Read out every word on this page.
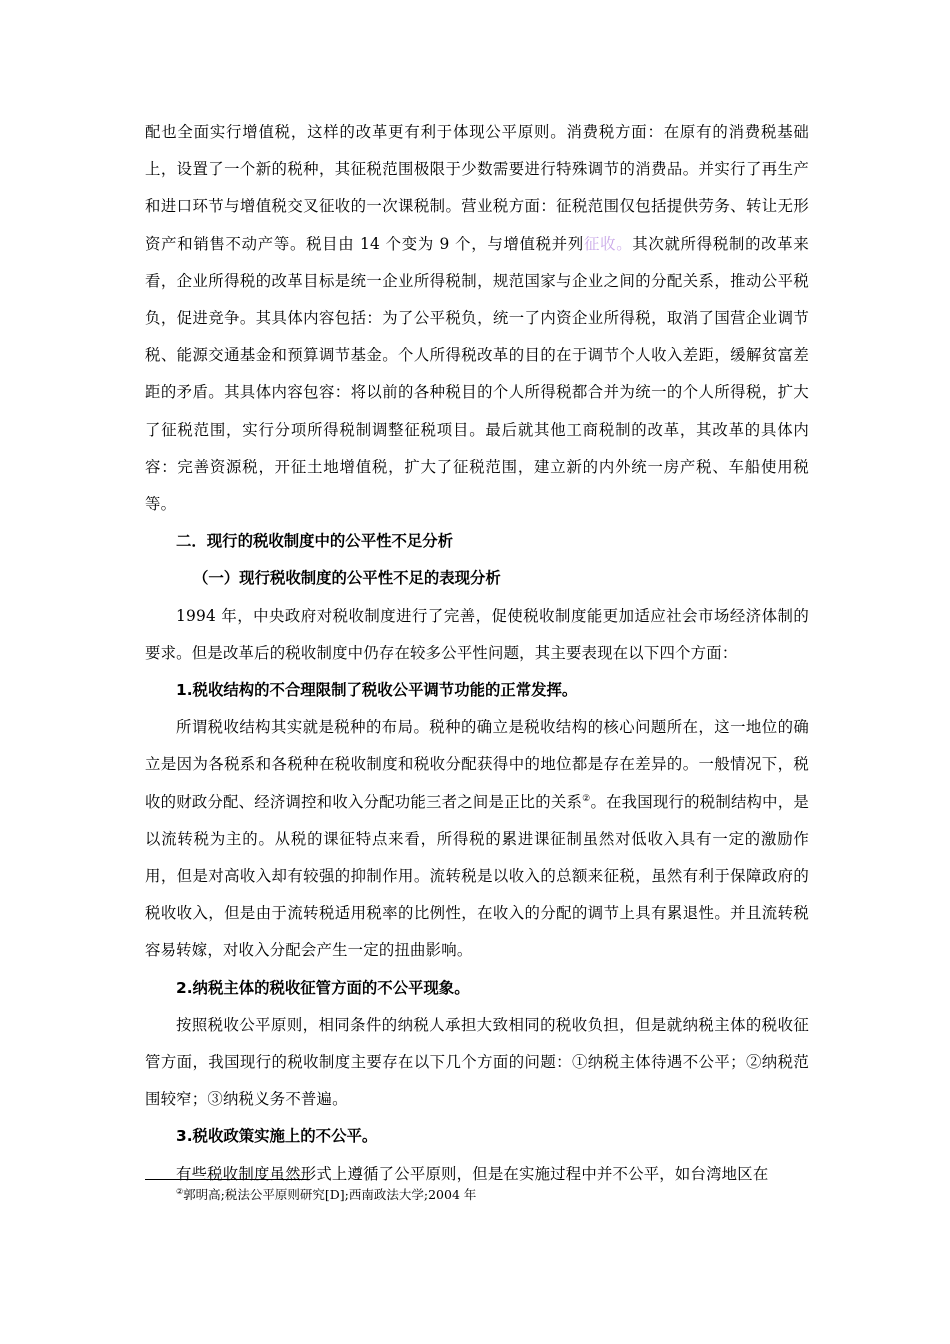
配也全面实行增值税，这样的改革更有利于体现公平原则。消费税方面：在原有的消费税基础上，设置了一个新的税种，其征税范围极限于少数需要进行特殊调节的消费品。并实行了再生产和进口环节与增值税交叉征收的一次课税制。营业税方面：征税范围仅包括提供劳务、转让无形资产和销售不动产等。税目由 14 个变为 9 个，与增值税并列征收。其次就所得税制的改革来看，企业所得税的改革目标是统一企业所得税制，规范国家与企业之间的分配关系，推动公平税负，促进竞争。其具体内容包括：为了公平税负，统一了内资企业所得税，取消了国营企业调节税、能源交通基金和预算调节基金。个人所得税改革的目的在于调节个人收入差距，缓解贫富差距的矛盾。其具体内容包容：将以前的各种税目的个人所得税都合并为统一的个人所得税，扩大了征税范围，实行分项所得税制调整征税项目。最后就其他工商税制的改革，其改革的具体内容：完善资源税，开征土地增值税，扩大了征税范围，建立新的内外统一房产税、车船使用税等。

二．现行的税收制度中的公平性不足分析

（一）现行税收制度的公平性不足的表现分析

1994 年，中央政府对税收制度进行了完善，促使税收制度能更加适应社会市场经济体制的要求。但是改革后的税收制度中仍存在较多公平性问题，其主要表现在以下四个方面：

1.税收结构的不合理限制了税收公平调节功能的正常发挥。

所谓税收结构其实就是税种的布局。税种的确立是税收结构的核心问题所在，这一地位的确立是因为各税系和各税种在税收制度和税收分配获得中的地位都是存在差异的。一般情况下，税收的财政分配、经济调控和收入分配功能三者之间是正比的关系②。在我国现行的税制结构中，是以流转税为主的。从税的课征特点来看，所得税的累进课征制虽然对低收入具有一定的激励作用，但是对高收入却有较强的抑制作用。流转税是以收入的总额来征税，虽然有利于保障政府的税收收入，但是由于流转税适用税率的比例性，在收入的分配的调节上具有累退性。并且流转税容易转嫁，对收入分配会产生一定的扭曲影响。

2.纳税主体的税收征管方面的不公平现象。

按照税收公平原则，相同条件的纳税人承担大致相同的税收负担，但是就纳税主体的税收征管方面，我国现行的税收制度主要存在以下几个方面的问题：①纳税主体待遇不公平；②纳税范围较窄；③纳税义务不普遍。

3.税收政策实施上的不公平。

有些税收制度虽然形式上遵循了公平原则，但是在实施过程中并不公平，如台湾地区在

②郭明高;税法公平原则研究[D];西南政法大学;2004 年
